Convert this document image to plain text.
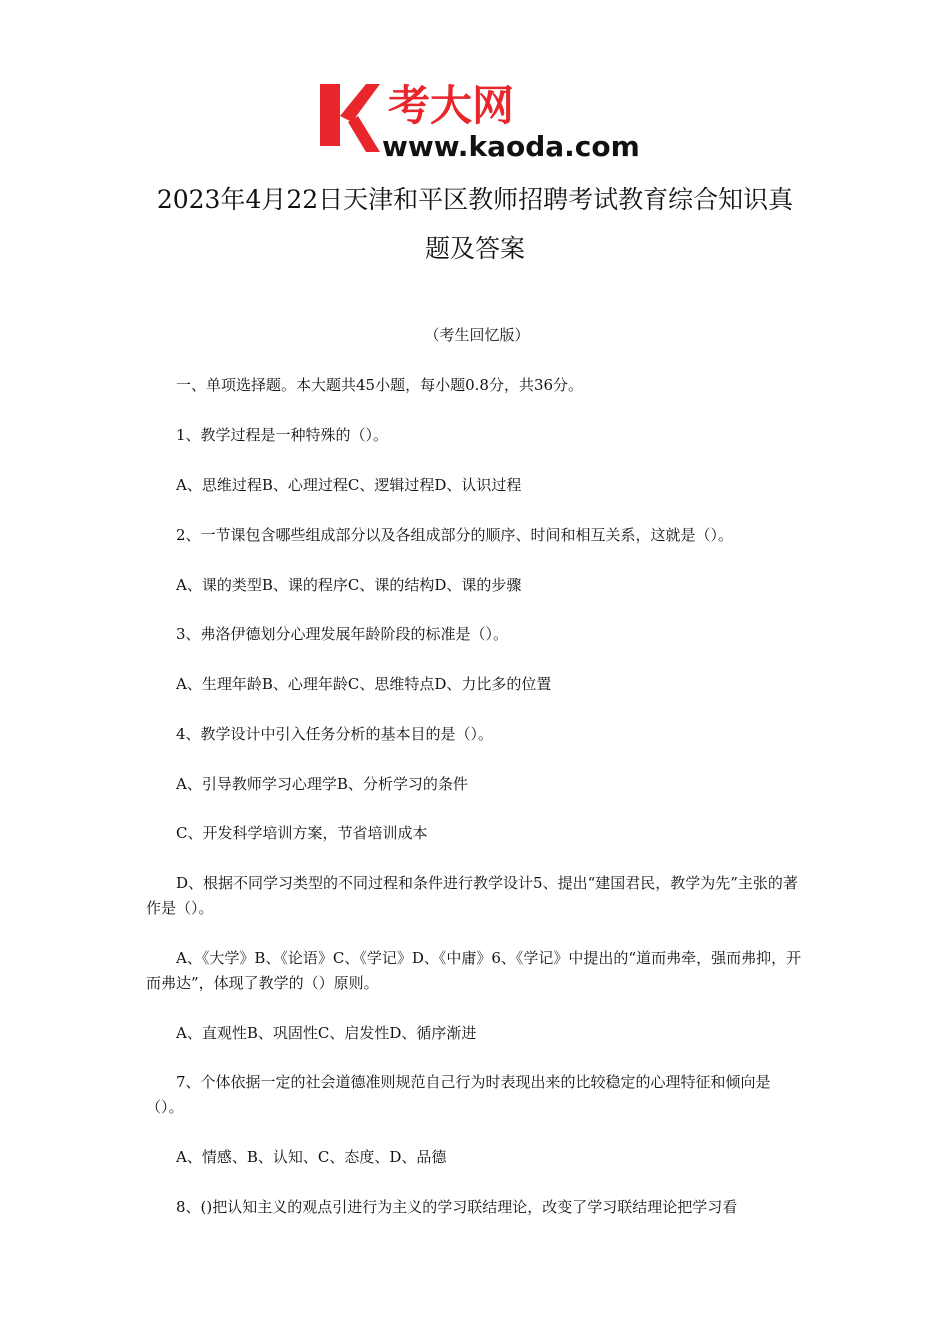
考大网
www.kaoda.com
2023年4月22日天津和平区教师招聘考试教育综合知识真
题及答案
（考生回忆版）
一、单项选择题。本大题共45小题，每小题0.8分，共36分。
1、教学过程是一种特殊的（）。
A、思维过程B、心理过程C、逻辑过程D、认识过程
2、一节课包含哪些组成部分以及各组成部分的顺序、时间和相互关系，这就是（）。
A、课的类型B、课的程序C、课的结构D、课的步骤
3、弗洛伊德划分心理发展年龄阶段的标准是（）。
A、生理年龄B、心理年龄C、思维特点D、力比多的位置
4、教学设计中引入任务分析的基本目的是（）。
A、引导教师学习心理学B、分析学习的条件
C、开发科学培训方案，节省培训成本
D、根据不同学习类型的不同过程和条件进行教学设计5、提出“建国君民，教学为先”主张的著作是（）。
A、《大学》B、《论语》C、《学记》D、《中庸》6、《学记》中提出的“道而弗牵，强而弗抑，开而弗达”，体现了教学的（）原则。
A、直观性B、巩固性C、启发性D、循序渐进
7、个体依据一定的社会道德准则规范自己行为时表现出来的比较稳定的心理特征和倾向是（）。
A、情感、B、认知、C、态度、D、品德
8、()把认知主义的观点引进行为主义的学习联结理论，改变了学习联结理论把学习看
